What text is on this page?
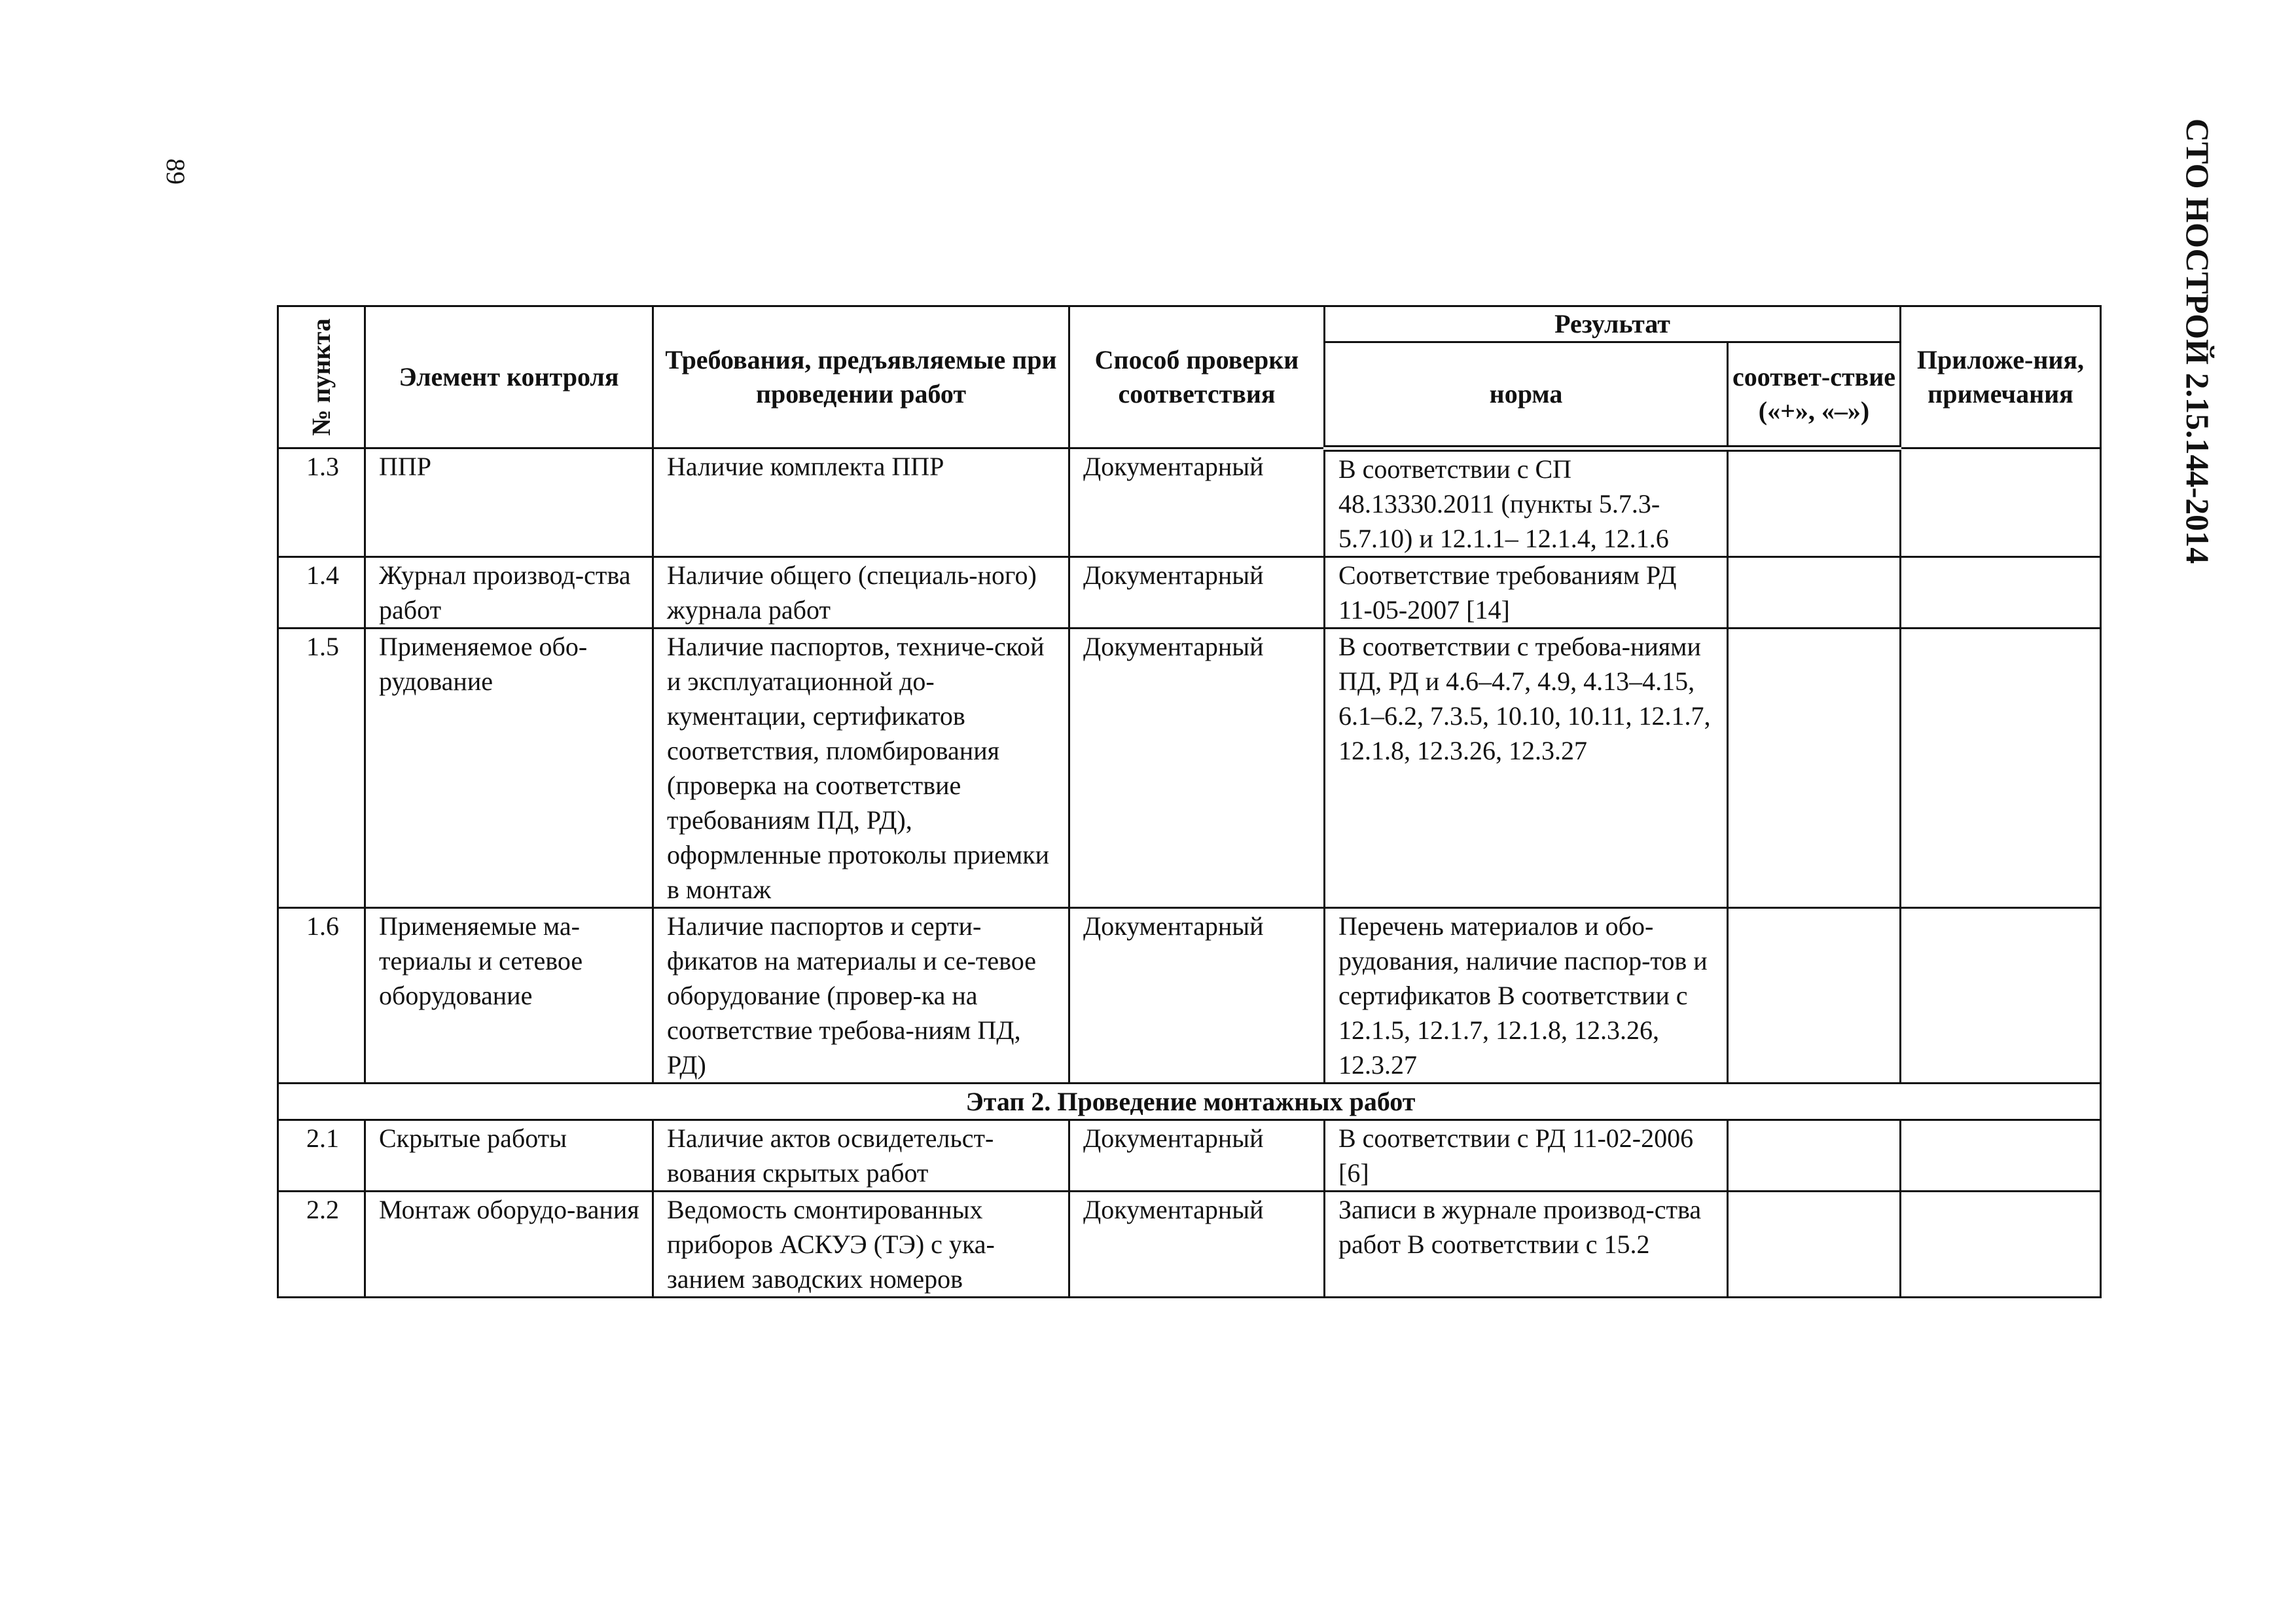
89	СТО НОСТРОЙ 2.15.144-2014
№ пункта	Элемент контроля	Требования, предъявляемые при проведении работ	Способ проверки соответствия	Результат		Приложе-ния, примечания
				норма	соответ-ствие («+», «–»)	
1.3	ППР	Наличие комплекта ППР	Документарный	В соответствии с СП 48.13330.2011 (пункты 5.7.3-5.7.10) и 12.1.1– 12.1.4, 12.1.6		
1.4	Журнал производ-ства работ	Наличие общего (специаль-ного) журнала работ	Документарный	Соответствие требованиям РД 11-05-2007 [14]		
1.5	Применяемое обо-рудование	Наличие паспортов, техниче-ской и эксплуатационной до-кументации, сертификатов соответствия, пломбирования (проверка на соответствие требованиям ПД, РД), оформленные протоколы приемки в монтаж	Документарный	В соответствии с требова-ниями ПД, РД и 4.6–4.7, 4.9, 4.13–4.15, 6.1–6.2, 7.3.5, 10.10, 10.11, 12.1.7, 12.1.8, 12.3.26, 12.3.27		
1.6	Применяемые ма-териалы и сетевое оборудование	Наличие паспортов и серти-фикатов на материалы и се-тевое оборудование (провер-ка на соответствие требова-ниям ПД, РД)	Документарный	Перечень материалов и обо-рудования, наличие паспор-тов и сертификатов В соответствии с 12.1.5, 12.1.7, 12.1.8, 12.3.26, 12.3.27		
Этап 2. Проведение монтажных работ						
2.1	Скрытые работы	Наличие актов освидетельст-вования скрытых работ	Документарный	В соответствии с РД 11-02-2006 [6]		
2.2	Монтаж оборудо-вания	Ведомость смонтированных приборов АСКУЭ (ТЭ) с ука-занием заводских номеров	Документарный	Записи в журнале производ-ства работ В соответствии с 15.2		
